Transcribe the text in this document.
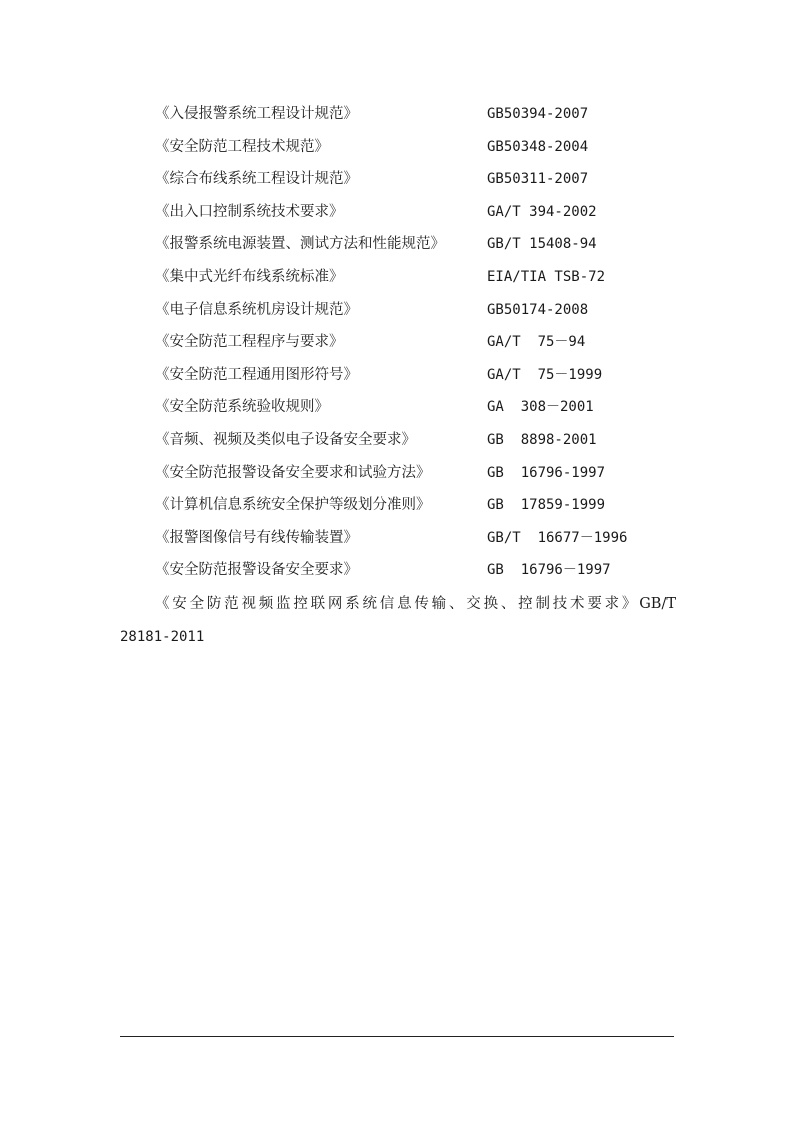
《入侵报警系统工程设计规范》	GB50394-2007
《安全防范工程技术规范》	GB50348-2004
《综合布线系统工程设计规范》	GB50311-2007
《出入口控制系统技术要求》	GA/T 394-2002
《报警系统电源装置、测试方法和性能规范》	GB/T 15408-94
《集中式光纤布线系统标准》	EIA/TIA TSB-72
《电子信息系统机房设计规范》	GB50174-2008
《安全防范工程程序与要求》	GA/T  75－94
《安全防范工程通用图形符号》	GA/T  75－1999
《安全防范系统验收规则》	GA  308－2001
《音频、视频及类似电子设备安全要求》	GB  8898-2001
《安全防范报警设备安全要求和试验方法》	GB  16796-1997
《计算机信息系统安全保护等级划分准则》	GB  17859-1999
《报警图像信号有线传输装置》	GB/T  16677－1996
《安全防范报警设备安全要求》	GB  16796－1997

《安全防范视频监控联网系统信息传输、交换、控制技术要求》GB/T
28181-2011
